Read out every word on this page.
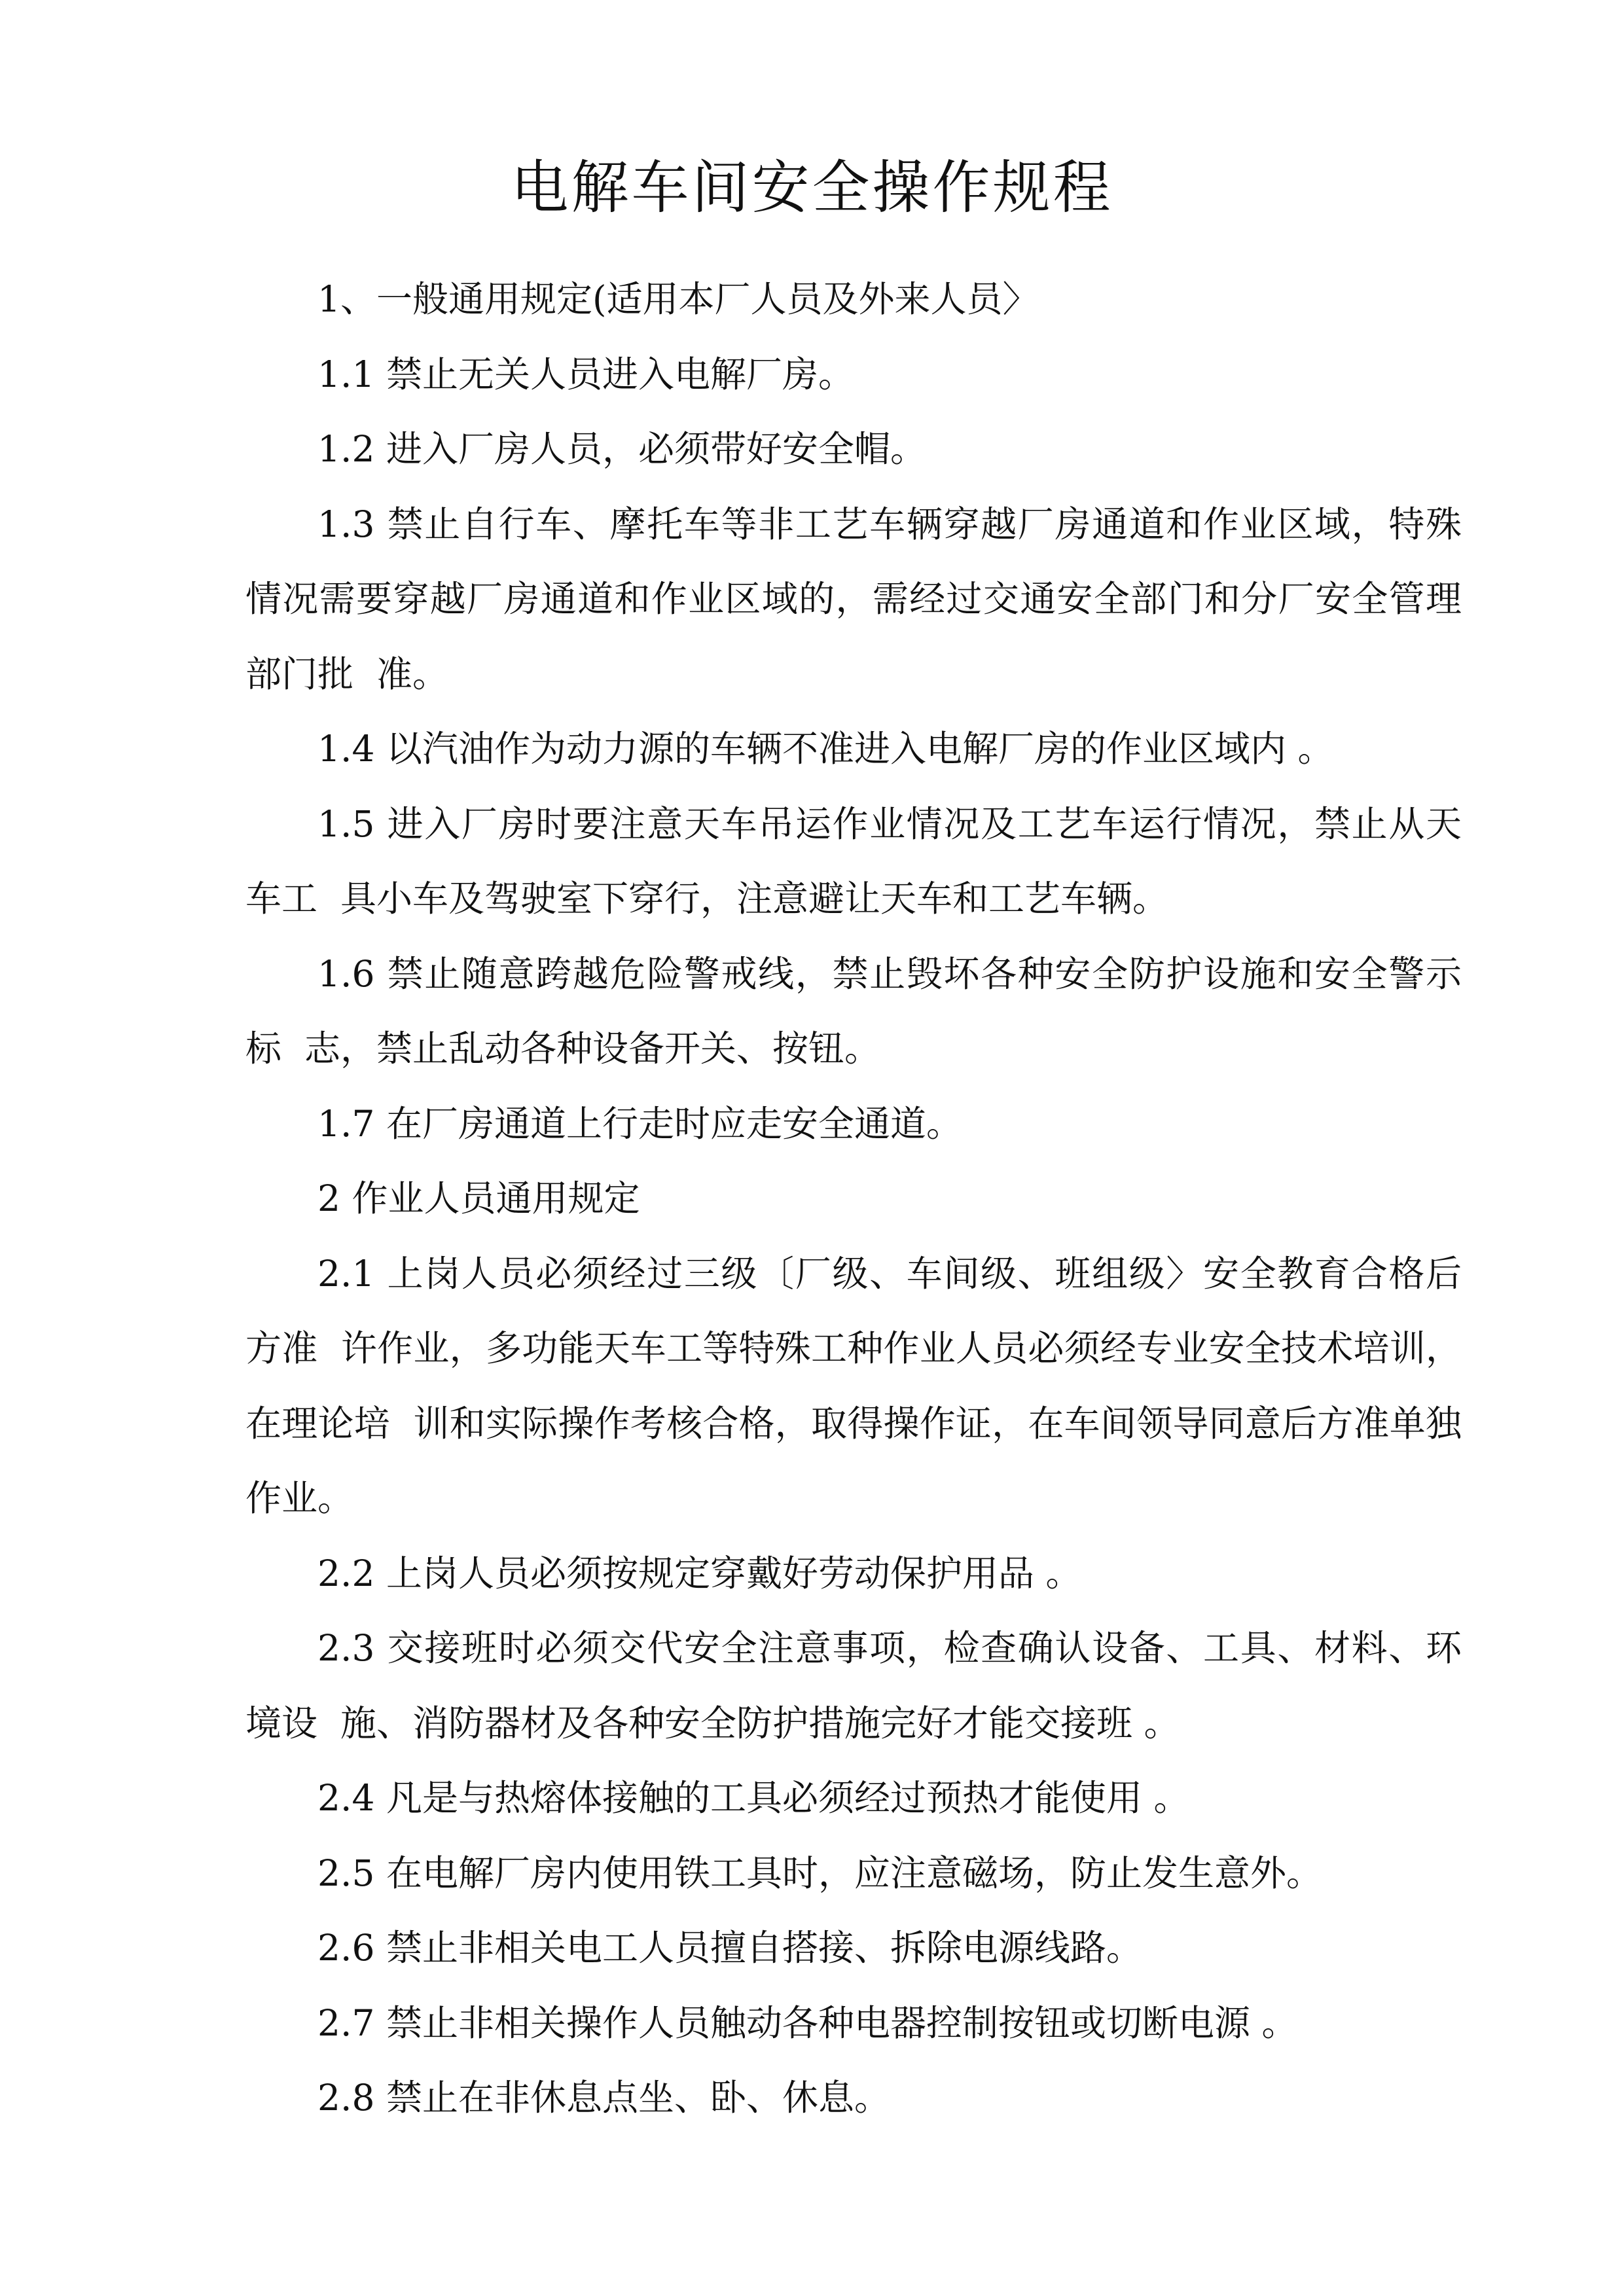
电解车间安全操作规程

1、一般通用规定(适用本厂人员及外来人员〉

1.1 禁止无关人员进入电解厂房。

1.2 进入厂房人员，必须带好安全帽。

1.3 禁止自行车、摩托车等非工艺车辆穿越厂房通道和作业区域，特殊情况需要穿越厂房通道和作业区域的，需经过交通安全部门和分厂安全管理部门批  准。

1.4 以汽油作为动力源的车辆不准进入电解厂房的作业区域内 。

1.5 进入厂房时要注意天车吊运作业情况及工艺车运行情况，禁止从天车工  具小车及驾驶室下穿行，注意避让天车和工艺车辆。

1.6 禁止随意跨越危险警戒线，禁止毁坏各种安全防护设施和安全警示标  志，禁止乱动各种设备开关、按钮。

1.7 在厂房通道上行走时应走安全通道。

2 作业人员通用规定

2.1 上岗人员必须经过三级〔厂级、车间级、班组级〉安全教育合格后方准  许作业，多功能天车工等特殊工种作业人员必须经专业安全技术培训，在理论培  训和实际操作考核合格，取得操作证，在车间领导同意后方准单独作业。

2.2 上岗人员必须按规定穿戴好劳动保护用品 。

2.3 交接班时必须交代安全注意事项，检查确认设备、工具、材料、环境设  施、消防器材及各种安全防护措施完好才能交接班 。

2.4 凡是与热熔体接触的工具必须经过预热才能使用 。

2.5 在电解厂房内使用铁工具时，应注意磁场，防止发生意外。

2.6 禁止非相关电工人员擅自搭接、拆除电源线路。

2.7 禁止非相关操作人员触动各种电器控制按钮或切断电源 。

2.8 禁止在非休息点坐、卧、休息。
